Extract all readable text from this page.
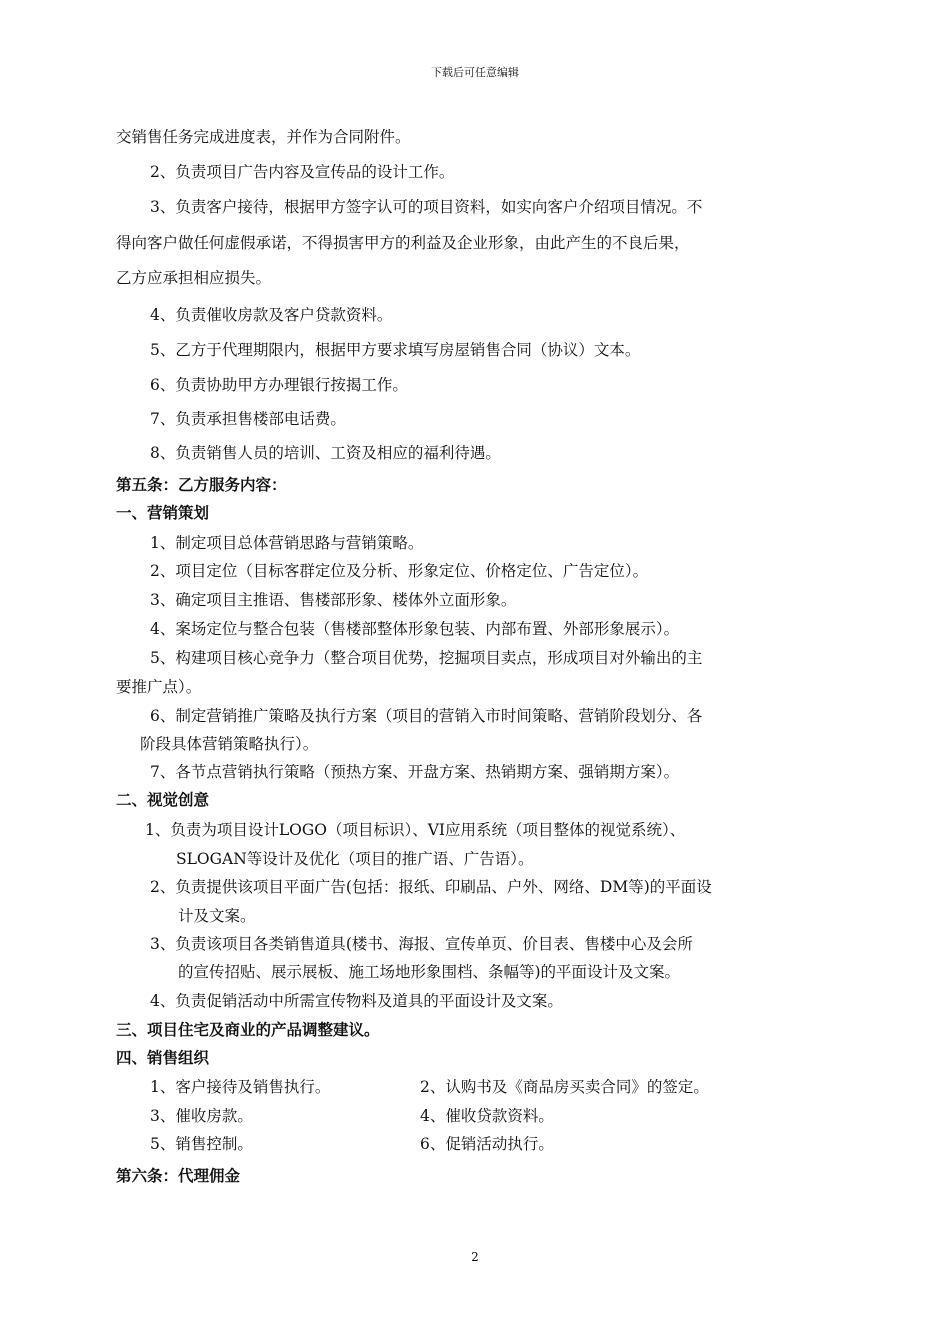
下载后可任意编辑
交销售任务完成进度表，并作为合同附件。
2、负责项目广告内容及宣传品的设计工作。
3、负责客户接待，根据甲方签字认可的项目资料，如实向客户介绍项目情况。不
得向客户做任何虚假承诺，不得损害甲方的利益及企业形象，由此产生的不良后果，
乙方应承担相应损失。
4、负责催收房款及客户贷款资料。
5、乙方于代理期限内，根据甲方要求填写房屋销售合同（协议）文本。
6、负责协助甲方办理银行按揭工作。
7、负责承担售楼部电话费。
8、负责销售人员的培训、工资及相应的福利待遇。
第五条：乙方服务内容：
一、营销策划
1、制定项目总体营销思路与营销策略。
2、项目定位（目标客群定位及分析、形象定位、价格定位、广告定位）。
3、确定项目主推语、售楼部形象、楼体外立面形象。
4、案场定位与整合包装（售楼部整体形象包装、内部布置、外部形象展示）。
5、构建项目核心竞争力（整合项目优势，挖掘项目卖点，形成项目对外输出的主
要推广点）。
6、制定营销推广策略及执行方案（项目的营销入市时间策略、营销阶段划分、各
阶段具体营销策略执行）。
7、各节点营销执行策略（预热方案、开盘方案、热销期方案、强销期方案）。
二、视觉创意
1、负责为项目设计LOGO（项目标识）、VI应用系统（项目整体的视觉系统）、
SLOGAN等设计及优化（项目的推广语、广告语）。
2、负责提供该项目平面广告(包括：报纸、印刷品、户外、网络、DM等)的平面设
计及文案。
3、负责该项目各类销售道具(楼书、海报、宣传单页、价目表、售楼中心及会所
的宣传招贴、展示展板、施工场地形象围档、条幅等)的平面设计及文案。
4、负责促销活动中所需宣传物料及道具的平面设计及文案。
三、项目住宅及商业的产品调整建议。
四、销售组织
1、客户接待及销售执行。	2、认购书及《商品房买卖合同》的签定。
3、催收房款。	4、催收贷款资料。
5、销售控制。	6、促销活动执行。
第六条：代理佣金
2
